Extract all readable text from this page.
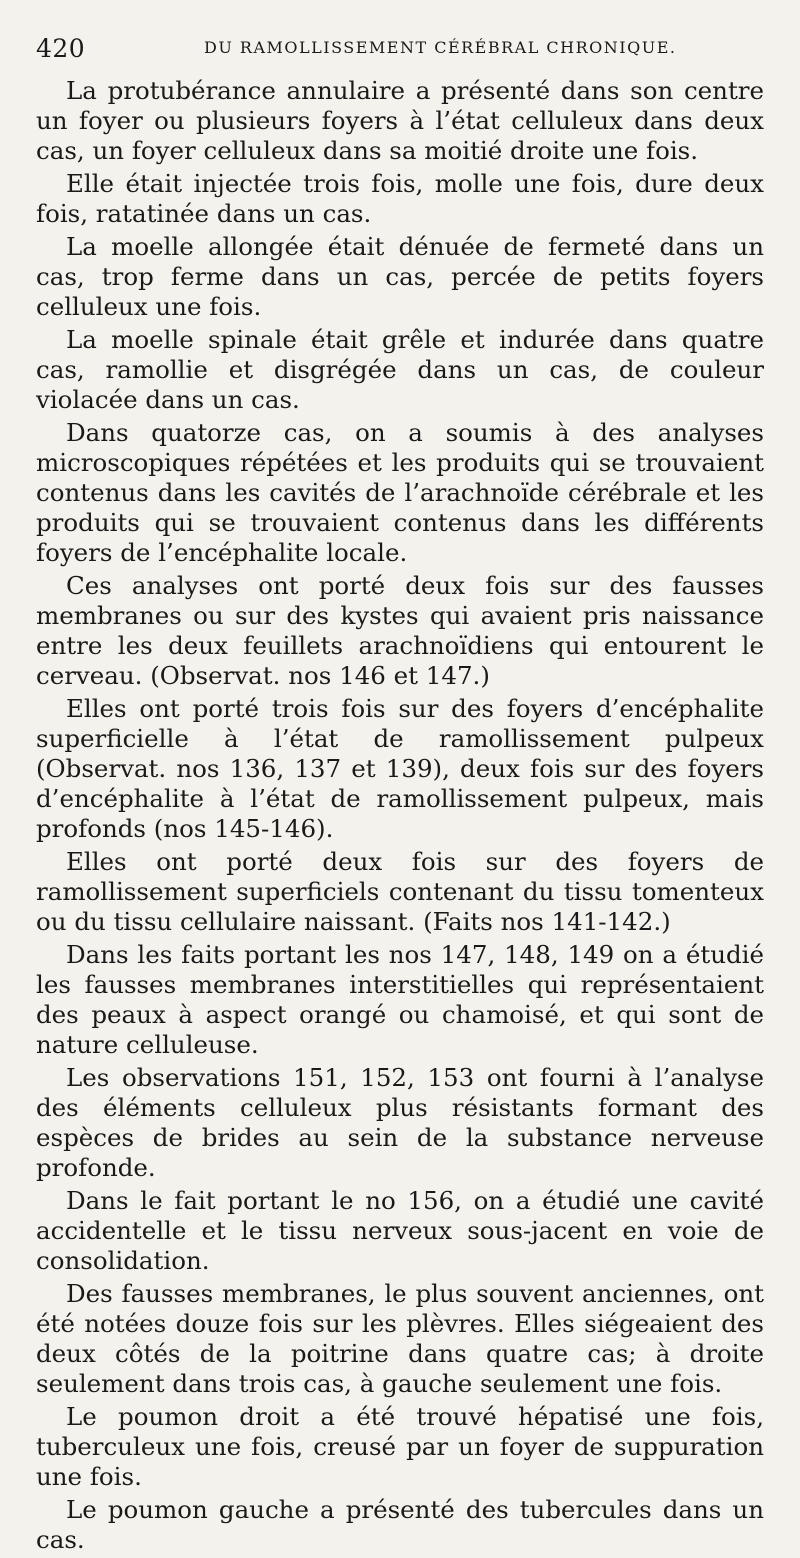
420	DU RAMOLLISSEMENT CÉRÉBRAL CHRONIQUE.

La protubérance annulaire a présenté dans son centre un foyer ou plusieurs foyers à l’état celluleux dans deux cas, un foyer celluleux dans sa moitié droite une fois.

Elle était injectée trois fois, molle une fois, dure deux fois, ratatinée dans un cas.

La moelle allongée était dénuée de fermeté dans un cas, trop ferme dans un cas, percée de petits foyers celluleux une fois.

La moelle spinale était grêle et indurée dans quatre cas, ramollie et disgrégée dans un cas, de couleur violacée dans un cas.

Dans quatorze cas, on a soumis à des analyses microscopiques répétées et les produits qui se trouvaient contenus dans les cavités de l’arachnoïde cérébrale et les produits qui se trouvaient contenus dans les différents foyers de l’encéphalite locale.

Ces analyses ont porté deux fois sur des fausses membranes ou sur des kystes qui avaient pris naissance entre les deux feuillets arachnoïdiens qui entourent le cerveau. (Observat. nos 146 et 147.)

Elles ont porté trois fois sur des foyers d’encéphalite superficielle à l’état de ramollissement pulpeux (Observat. nos 136, 137 et 139), deux fois sur des foyers d’encéphalite à l’état de ramollissement pulpeux, mais profonds (nos 145-146).

Elles ont porté deux fois sur des foyers de ramollissement superficiels contenant du tissu tomenteux ou du tissu cellulaire naissant. (Faits nos 141-142.)

Dans les faits portant les nos 147, 148, 149 on a étudié les fausses membranes interstitielles qui représentaient des peaux à aspect orangé ou chamoisé, et qui sont de nature celluleuse.

Les observations 151, 152, 153 ont fourni à l’analyse des éléments celluleux plus résistants formant des espèces de brides au sein de la substance nerveuse profonde.

Dans le fait portant le no 156, on a étudié une cavité accidentelle et le tissu nerveux sous-jacent en voie de consolidation.

Des fausses membranes, le plus souvent anciennes, ont été notées douze fois sur les plèvres. Elles siégeaient des deux côtés de la poitrine dans quatre cas; à droite seulement dans trois cas, à gauche seulement une fois.

Le poumon droit a été trouvé hépatisé une fois, tuberculeux une fois, creusé par un foyer de suppuration une fois.

Le poumon gauche a présenté des tubercules dans un cas.
